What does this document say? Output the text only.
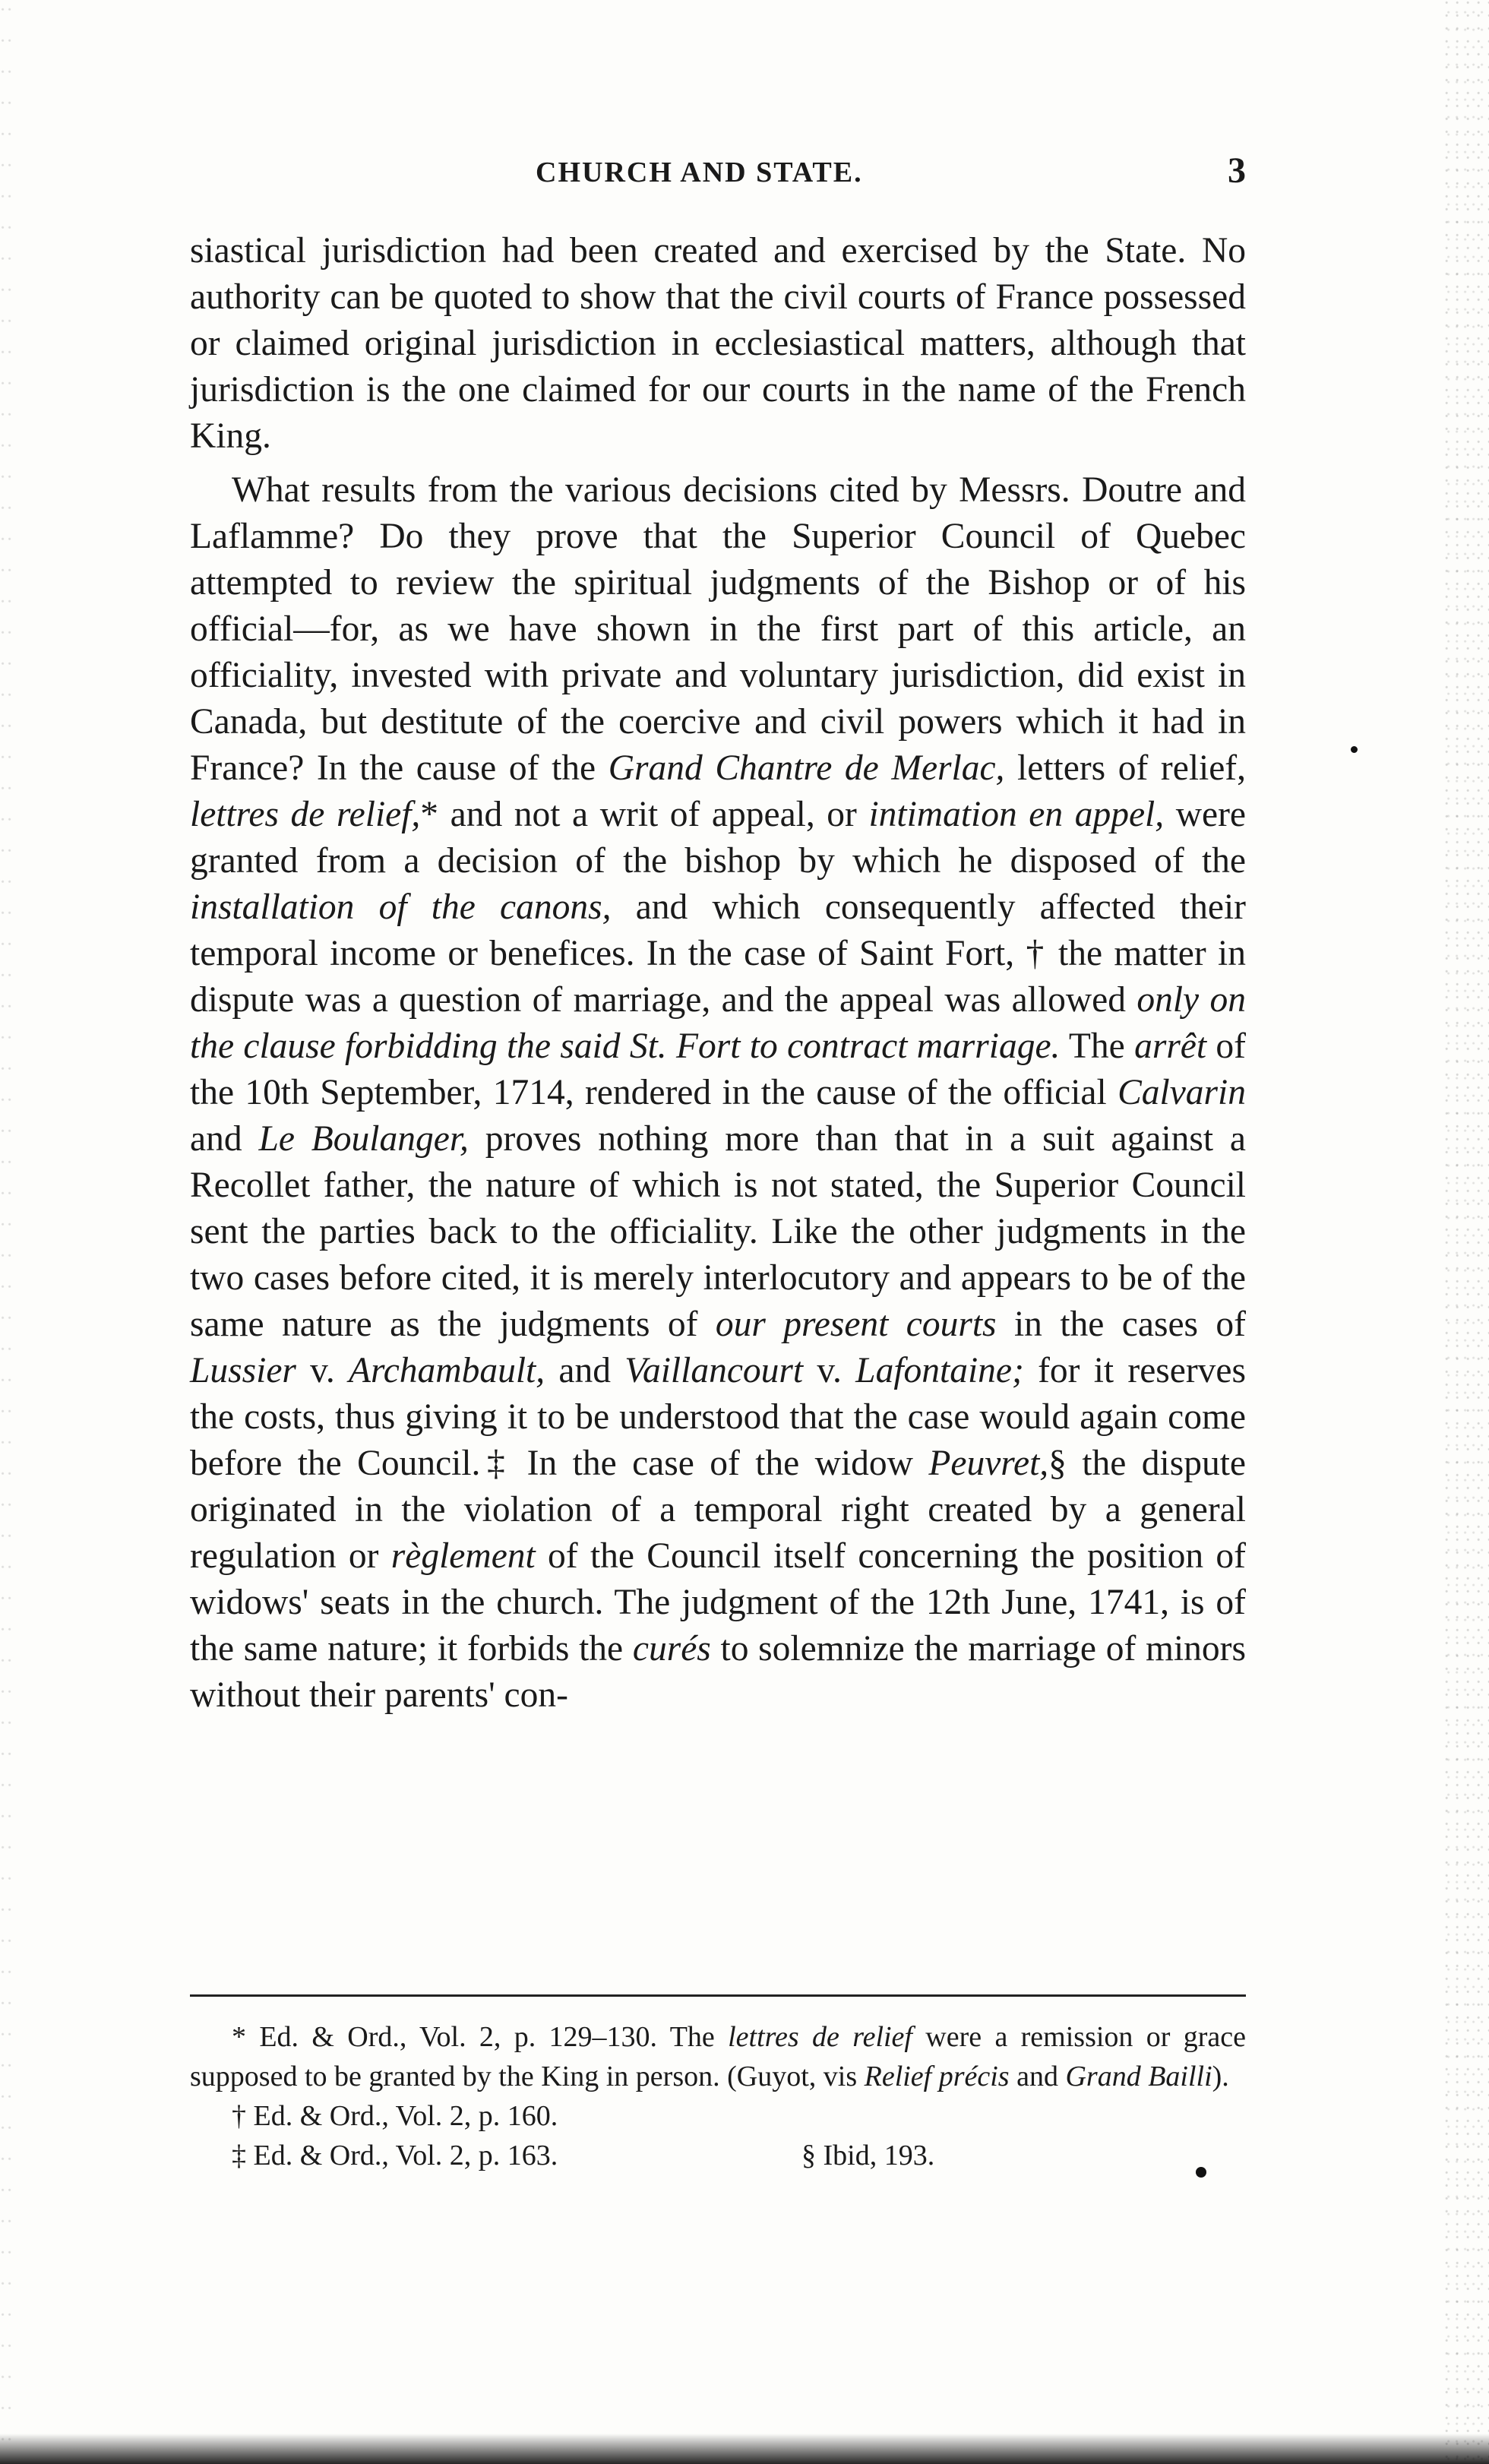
CHURCH AND STATE.	3

siastical jurisdiction had been created and exercised by the State. No authority can be quoted to show that the civil courts of France possessed or claimed original jurisdiction in ecclesiastical matters, although that jurisdiction is the one claimed for our courts in the name of the French King.

What results from the various decisions cited by Messrs. Doutre and Laflamme? Do they prove that the Superior Council of Quebec attempted to review the spiritual judgments of the Bishop or of his official—for, as we have shown in the first part of this article, an officiality, invested with private and voluntary jurisdiction, did exist in Canada, but destitute of the coercive and civil powers which it had in France? In the cause of the Grand Chantre de Merlac, letters of relief, lettres de relief,* and not a writ of appeal, or intimation en appel, were granted from a decision of the bishop by which he disposed of the installation of the canons, and which consequently affected their temporal income or benefices. In the case of Saint Fort, † the matter in dispute was a question of marriage, and the appeal was allowed only on the clause forbidding the said St. Fort to contract marriage. The arrêt of the 10th September, 1714, rendered in the cause of the official Calvarin and Le Boulanger, proves nothing more than that in a suit against a Recollet father, the nature of which is not stated, the Superior Council sent the parties back to the officiality. Like the other judgments in the two cases before cited, it is merely interlocutory and appears to be of the same nature as the judgments of our present courts in the cases of Lussier v. Archambault, and Vaillancourt v. Lafontaine; for it reserves the costs, thus giving it to be understood that the case would again come before the Council.‡ In the case of the widow Peuvret,§ the dispute originated in the violation of a temporal right created by a general regulation or règlement of the Council itself concerning the position of widows' seats in the church. The judgment of the 12th June, 1741, is of the same nature; it forbids the curés to solemnize the marriage of minors without their parents' con-

* Ed. & Ord., Vol. 2, p. 129–130. The lettres de relief were a remission or grace supposed to be granted by the King in person. (Guyot, vis Relief précis and Grand Bailli).

† Ed. & Ord., Vol. 2, p. 160.

‡ Ed. & Ord., Vol. 2, p. 163.	§ Ibid, 193.
